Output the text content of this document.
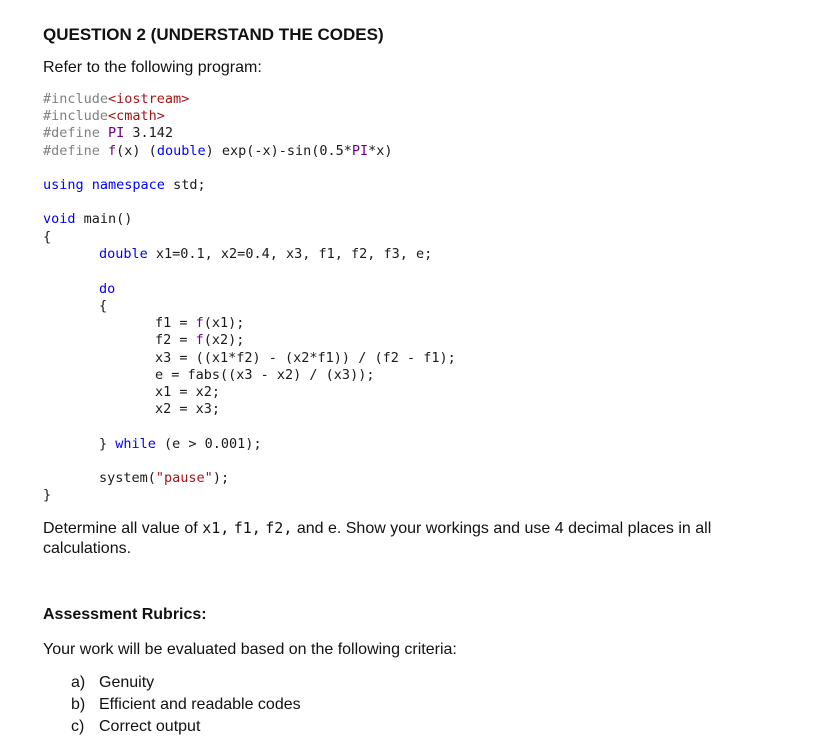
QUESTION 2 (UNDERSTAND THE CODES)
Refer to the following program:
#include<iostream>
#include<cmath>
#define PI 3.142
#define f(x) (double) exp(-x)-sin(0.5*PI*x)
using namespace std;
void main()
{
double x1=0.1, x2=0.4, x3, f1, f2, f3, e;
do
{
f1 = f(x1);
f2 = f(x2);
x3 = ((x1*f2) - (x2*f1)) / (f2 - f1);
e = fabs((x3 - x2) / (x3));
x1 = x2;
x2 = x3;
} while (e > 0.001);
system("pause");
}
Determine all value of x1, f1, f2, and e. Show your workings and use 4 decimal places in all
calculations.
Assessment Rubrics:
Your work will be evaluated based on the following criteria:
a) Genuity
b) Efficient and readable codes
c) Correct output
